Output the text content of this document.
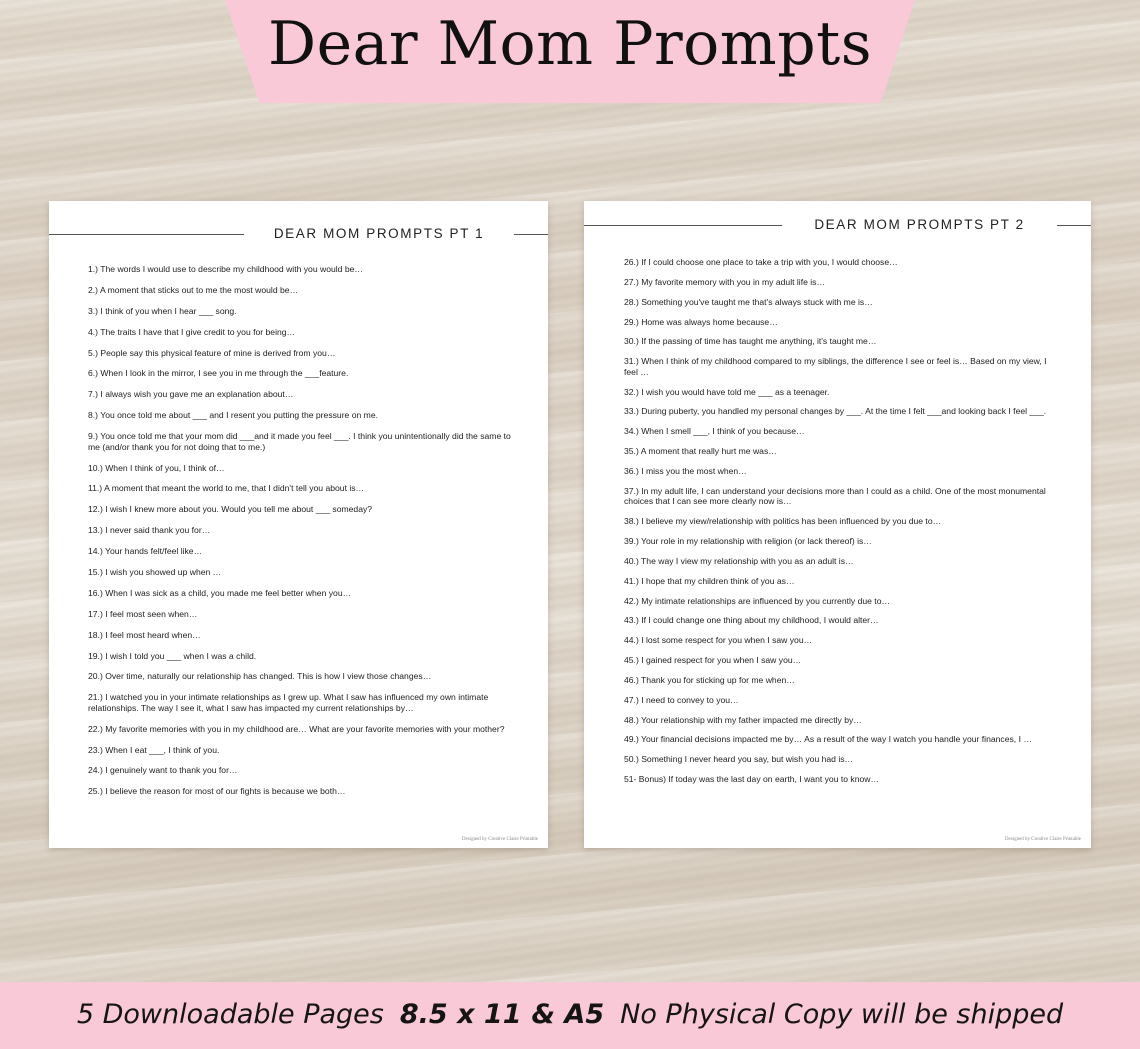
Dear Mom Prompts
DEAR MOM PROMPTS PT 1
1.) The words I would use to describe my childhood with you would be…
2.) A moment that sticks out to me the most would be…
3.) I think of you when I hear ___ song.
4.) The traits I have that I give credit to you for being…
5.) People say this physical feature of mine is derived from you…
6.) When I look in the mirror, I see you in me through the ___feature.
7.) I always wish you gave me an explanation about…
8.) You once told me about ___ and I resent you putting the pressure on me.
9.) You once told me that your mom did ___and it made you feel ___. I think you unintentionally did the same to me (and/or thank you for not doing that to me.)
10.) When I think of you, I think of…
11.) A moment that meant the world to me, that I didn't tell you about is…
12.) I wish I knew more about you. Would you tell me about ___ someday?
13.) I never said thank you for…
14.) Your hands felt/feel like…
15.) I wish you showed up when …
16.) When I was sick as a child, you made me feel better when you…
17.) I feel most seen when…
18.) I feel most heard when…
19.) I wish I told you ___ when I was a child.
20.) Over time, naturally our relationship has changed. This is how I view those changes…
21.) I watched you in your intimate relationships as I grew up. What I saw has influenced my own intimate relationships. The way I see it, what I saw has impacted my current relationships by…
22.) My favorite memories with you in my childhood are… What are your favorite memories with your mother?
23.) When I eat ___, I think of you.
24.) I genuinely want to thank you for…
25.) I believe the reason for most of our fights is because we both…
Designed by Creative Claire Printable
DEAR MOM PROMPTS PT 2
26.) If I could choose one place to take a trip with you, I would choose…
27.) My favorite memory with you in my adult life is…
28.) Something you've taught me that's always stuck with me is…
29.) Home was always home because…
30.) If the passing of time has taught me anything, it's taught me…
31.) When I think of my childhood compared to my siblings, the difference I see or feel is… Based on my view, I feel …
32.) I wish you would have told me ___ as a teenager.
33.) During puberty, you handled my personal changes by ___. At the time I felt ___and looking back I feel ___.
34.) When I smell ___, I think of you because…
35.) A moment that really hurt me was…
36.) I miss you the most when…
37.) In my adult life, I can understand your decisions more than I could as a child. One of the most monumental choices that I can see more clearly now is…
38.) I believe my view/relationship with politics has been influenced by you due to…
39.) Your role in my relationship with religion (or lack thereof) is…
40.) The way I view my relationship with you as an adult is…
41.) I hope that my children think of you as…
42.) My intimate relationships are influenced by you currently due to…
43.) If I could change one thing about my childhood, I would alter…
44.) I lost some respect for you when I saw you…
45.) I gained respect for you when I saw you…
46.) Thank you for sticking up for me when…
47.) I need to convey to you…
48.) Your relationship with my father impacted me directly by…
49.) Your financial decisions impacted me by… As a result of the way I watch you handle your finances, I …
50.) Something I never heard you say, but wish you had is…
51- Bonus) If today was the last day on earth, I want you to know…
Designed by Creative Claire Printable
5 Downloadable Pages 8.5 x 11 & A5 No Physical Copy will be shipped
